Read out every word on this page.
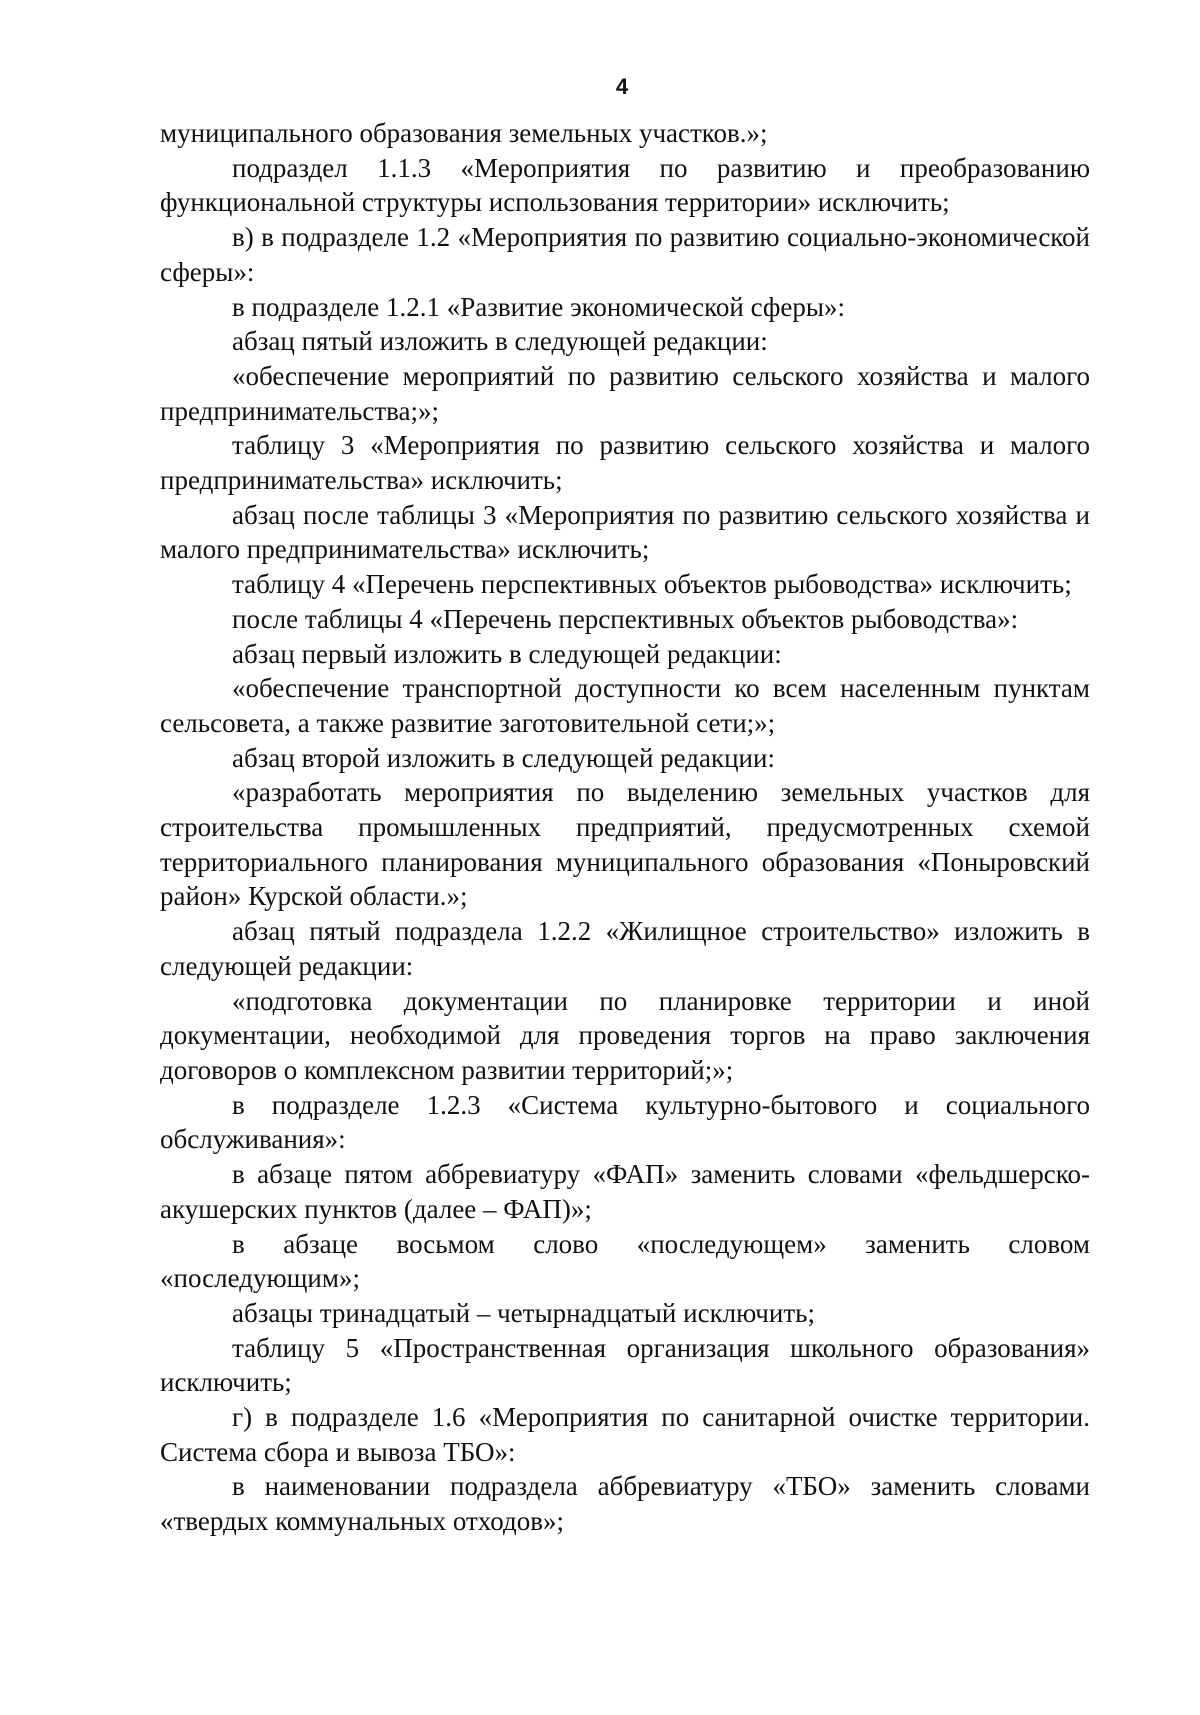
4

муниципального образования земельных участков.»;

подраздел 1.1.3 «Мероприятия по развитию и преобразованию функциональной структуры использования территории» исключить;

в) в подразделе 1.2 «Мероприятия по развитию социально-экономической сферы»:

в подразделе 1.2.1 «Развитие экономической сферы»:

абзац пятый изложить в следующей редакции:

«обеспечение мероприятий по развитию сельского хозяйства и малого предпринимательства;»;

таблицу 3 «Мероприятия по развитию сельского хозяйства и малого предпринимательства» исключить;

абзац после таблицы 3 «Мероприятия по развитию сельского хозяйства и малого предпринимательства» исключить;

таблицу 4 «Перечень перспективных объектов рыбоводства» исключить;

после таблицы 4 «Перечень перспективных объектов рыбоводства»:

абзац первый изложить в следующей редакции:

«обеспечение транспортной доступности ко всем населенным пунктам сельсовета, а также развитие заготовительной сети;»;

абзац второй изложить в следующей редакции:

«разработать мероприятия по выделению земельных участков для строительства промышленных предприятий, предусмотренных схемой территориального планирования муниципального образования «Поныровский район» Курской области.»;

абзац пятый подраздела 1.2.2 «Жилищное строительство» изложить в следующей редакции:

«подготовка документации по планировке территории и иной документации, необходимой для проведения торгов на право заключения договоров о комплексном развитии территорий;»;

в подразделе 1.2.3 «Система культурно-бытового и социального обслуживания»:

в абзаце пятом аббревиатуру «ФАП» заменить словами «фельдшерско-акушерских пунктов (далее – ФАП)»;

в абзаце восьмом слово «последующем» заменить словом «последующим»;

абзацы тринадцатый – четырнадцатый исключить;

таблицу 5 «Пространственная организация школьного образования» исключить;

г) в подразделе 1.6 «Мероприятия по санитарной очистке территории. Система сбора и вывоза ТБО»:

в наименовании подраздела аббревиатуру «ТБО» заменить словами «твердых коммунальных отходов»;
